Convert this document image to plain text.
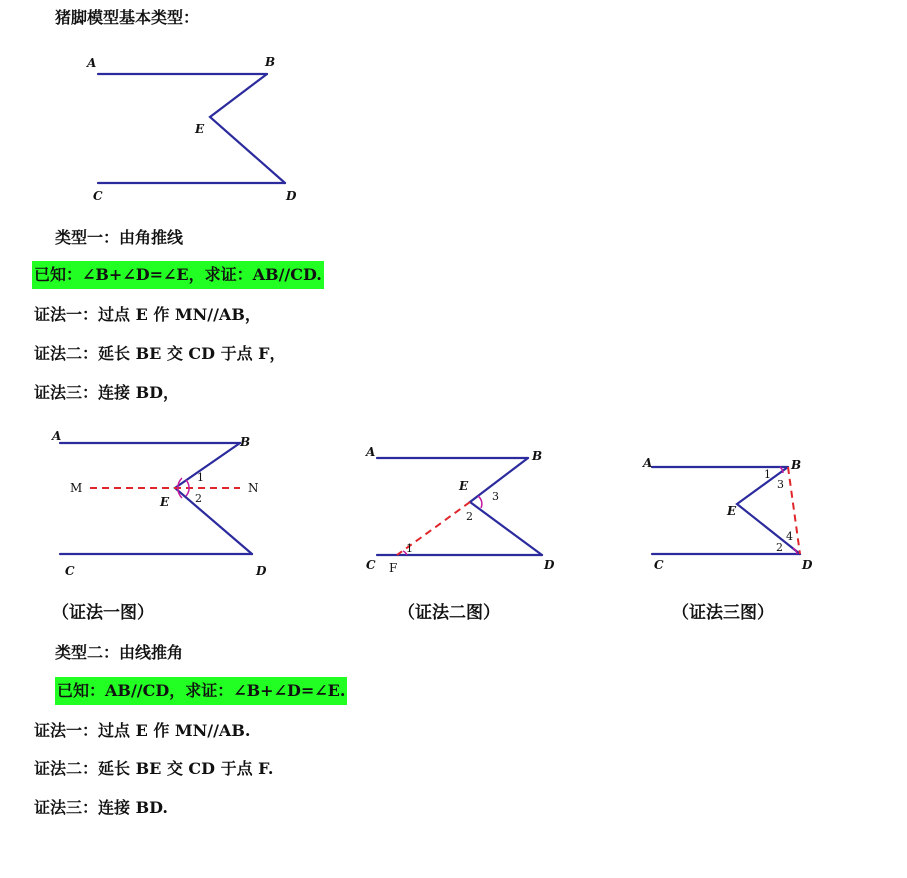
猪脚模型基本类型：
A	B
E
C	D
类型一：由角推线
已知：∠B+∠D=∠E，求证：AB//CD.
证法一：过点 E 作 MN//AB，
证法二：延长 BE 交 CD 于点 F，
证法三：连接 BD，
A	B
M	N
E
1
2
C	D
A	B
E
3
2
1
C F	D
A	B
1
3
E
4
2
C	D
（证法一图）	（证法二图）	（证法三图）
类型二：由线推角
已知：AB//CD，求证：∠B+∠D=∠E.
证法一：过点 E 作 MN//AB.
证法二：延长 BE 交 CD 于点 F.
证法三：连接 BD.
